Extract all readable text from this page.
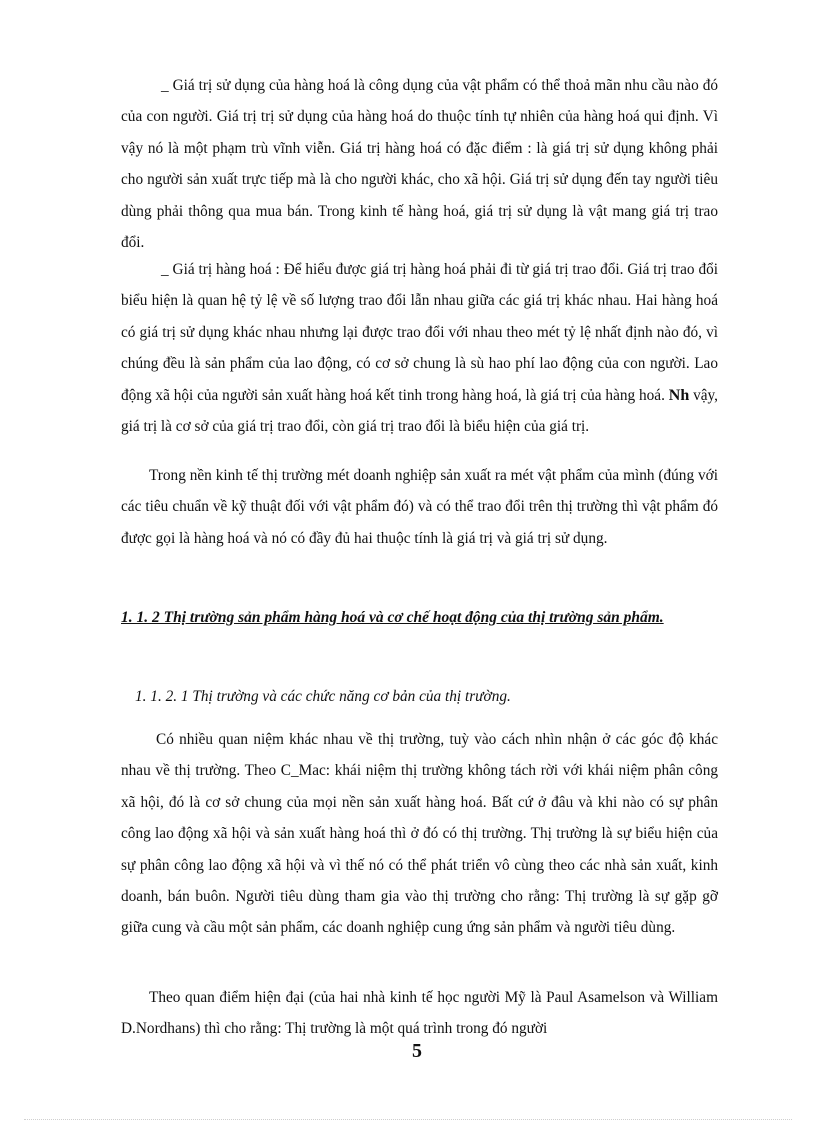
_ Giá trị sử dụng của hàng hoá là công dụng của vật phẩm có thể thoả mãn nhu cầu nào đó của con người. Giá trị trị sử dụng của hàng hoá do thuộc tính tự nhiên của hàng hoá qui định. Vì vậy nó là một phạm trù vĩnh viễn. Giá trị hàng hoá có đặc điểm : là giá trị sử dụng không phải cho người sản xuất trực tiếp mà là cho người khác, cho xã hội. Giá trị sử dụng đến tay người tiêu dùng phải thông qua mua bán. Trong kinh tế hàng hoá, giá trị sử dụng là vật mang giá trị trao đổi.

_ Giá trị hàng hoá : Để hiểu được giá trị hàng hoá phải đi từ giá trị trao đổi. Giá trị trao đổi biểu hiện là quan hệ tỷ lệ về số lượng trao đổi lẫn nhau giữa các giá trị khác nhau. Hai hàng hoá có giá trị sử dụng khác nhau nhưng lại được trao đổi với nhau theo mét tỷ lệ nhất định nào đó, vì chúng đều là sản phẩm của lao động, có cơ sở chung là sù hao phí lao động của con người. Lao động xã hội của người sản xuất hàng hoá kết tinh trong hàng hoá, là giá trị của hàng hoá. Nh vậy, giá trị là cơ sở của giá trị trao đổi, còn giá trị trao đổi là biểu hiện của giá trị.

Trong nền kinh tế thị trường mét doanh nghiệp sản xuất ra mét vật phẩm của mình (đúng với các tiêu chuẩn về kỹ thuật đối với vật phẩm đó) và có thể trao đổi trên thị trường thì vật phẩm đó được gọi là hàng hoá và nó có đầy đủ hai thuộc tính là giá trị và giá trị sử dụng.

1. 1. 2 Thị trường sản phẩm hàng hoá và cơ chế hoạt động của thị trường sản phẩm.

1. 1. 2. 1 Thị trường và các chức năng cơ bản của thị trường.

Có nhiều quan niệm khác nhau về thị trường, tuỳ vào cách nhìn nhận ở các góc độ khác nhau về thị trường. Theo C_Mac: khái niệm thị trường không tách rời với khái niệm phân công xã hội, đó là cơ sở chung của mọi nền sản xuất hàng hoá. Bất cứ ở đâu và khi nào có sự phân công lao động xã hội và sản xuất hàng hoá thì ở đó có thị trường. Thị trường là sự biểu hiện của sự phân công lao động xã hội và vì thế nó có thể phát triển vô cùng theo các nhà sản xuất, kinh doanh, bán buôn. Người tiêu dùng tham gia vào thị trường cho rằng: Thị trường là sự gặp gỡ giữa cung và cầu một sản phẩm, các doanh nghiệp cung ứng sản phẩm và người tiêu dùng.

Theo quan điểm hiện đại (của hai nhà kinh tế học người Mỹ là Paul Asamelson và William D.Nordhans) thì cho rằng: Thị trường là một quá trình trong đó người

5
